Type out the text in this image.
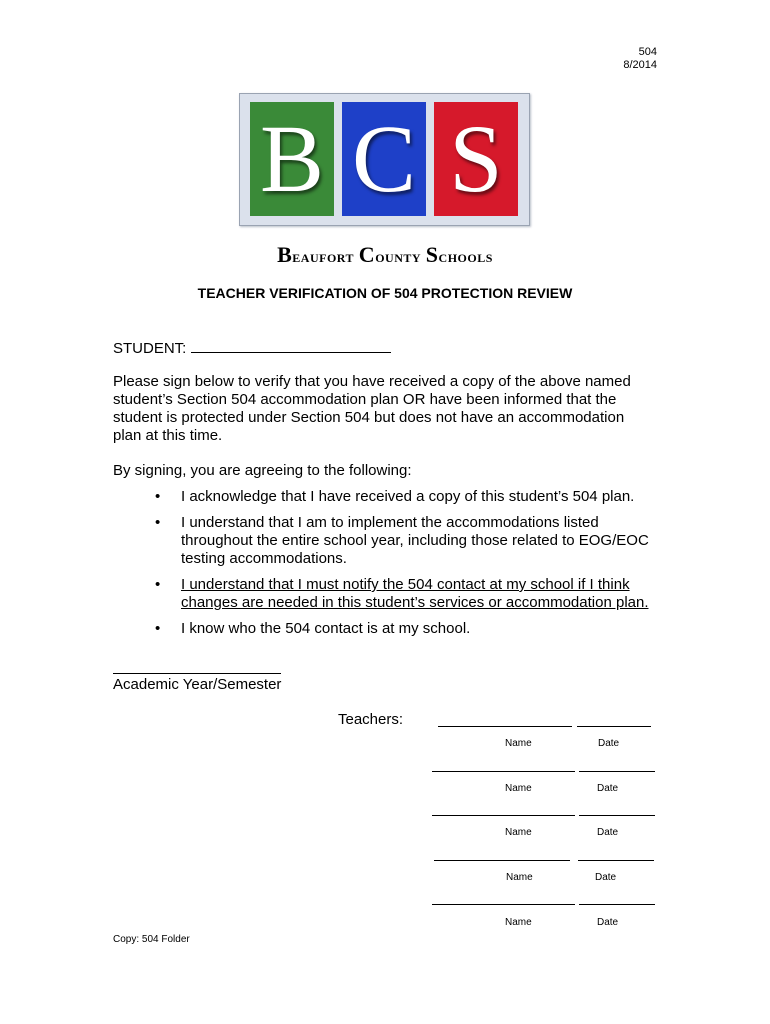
504
8/2014
B C S
Beaufort County Schools
TEACHER VERIFICATION OF 504 PROTECTION REVIEW
STUDENT:
Please sign below to verify that you have received a copy of the above named student’s Section 504 accommodation plan OR have been informed that the student is protected under Section 504 but does not have an accommodation plan at this time.
By signing, you are agreeing to the following:
• I acknowledge that I have received a copy of this student’s 504 plan.
• I understand that I am to implement the accommodations listed throughout the entire school year, including those related to EOG/EOC testing accommodations.
• I understand that I must notify the 504 contact at my school if I think changes are needed in this student’s services or accommodation plan.
• I know who the 504 contact is at my school.
Academic Year/Semester
Teachers:
Name	Date
Name	Date
Name	Date
Name	Date
Name	Date
Copy: 504 Folder
